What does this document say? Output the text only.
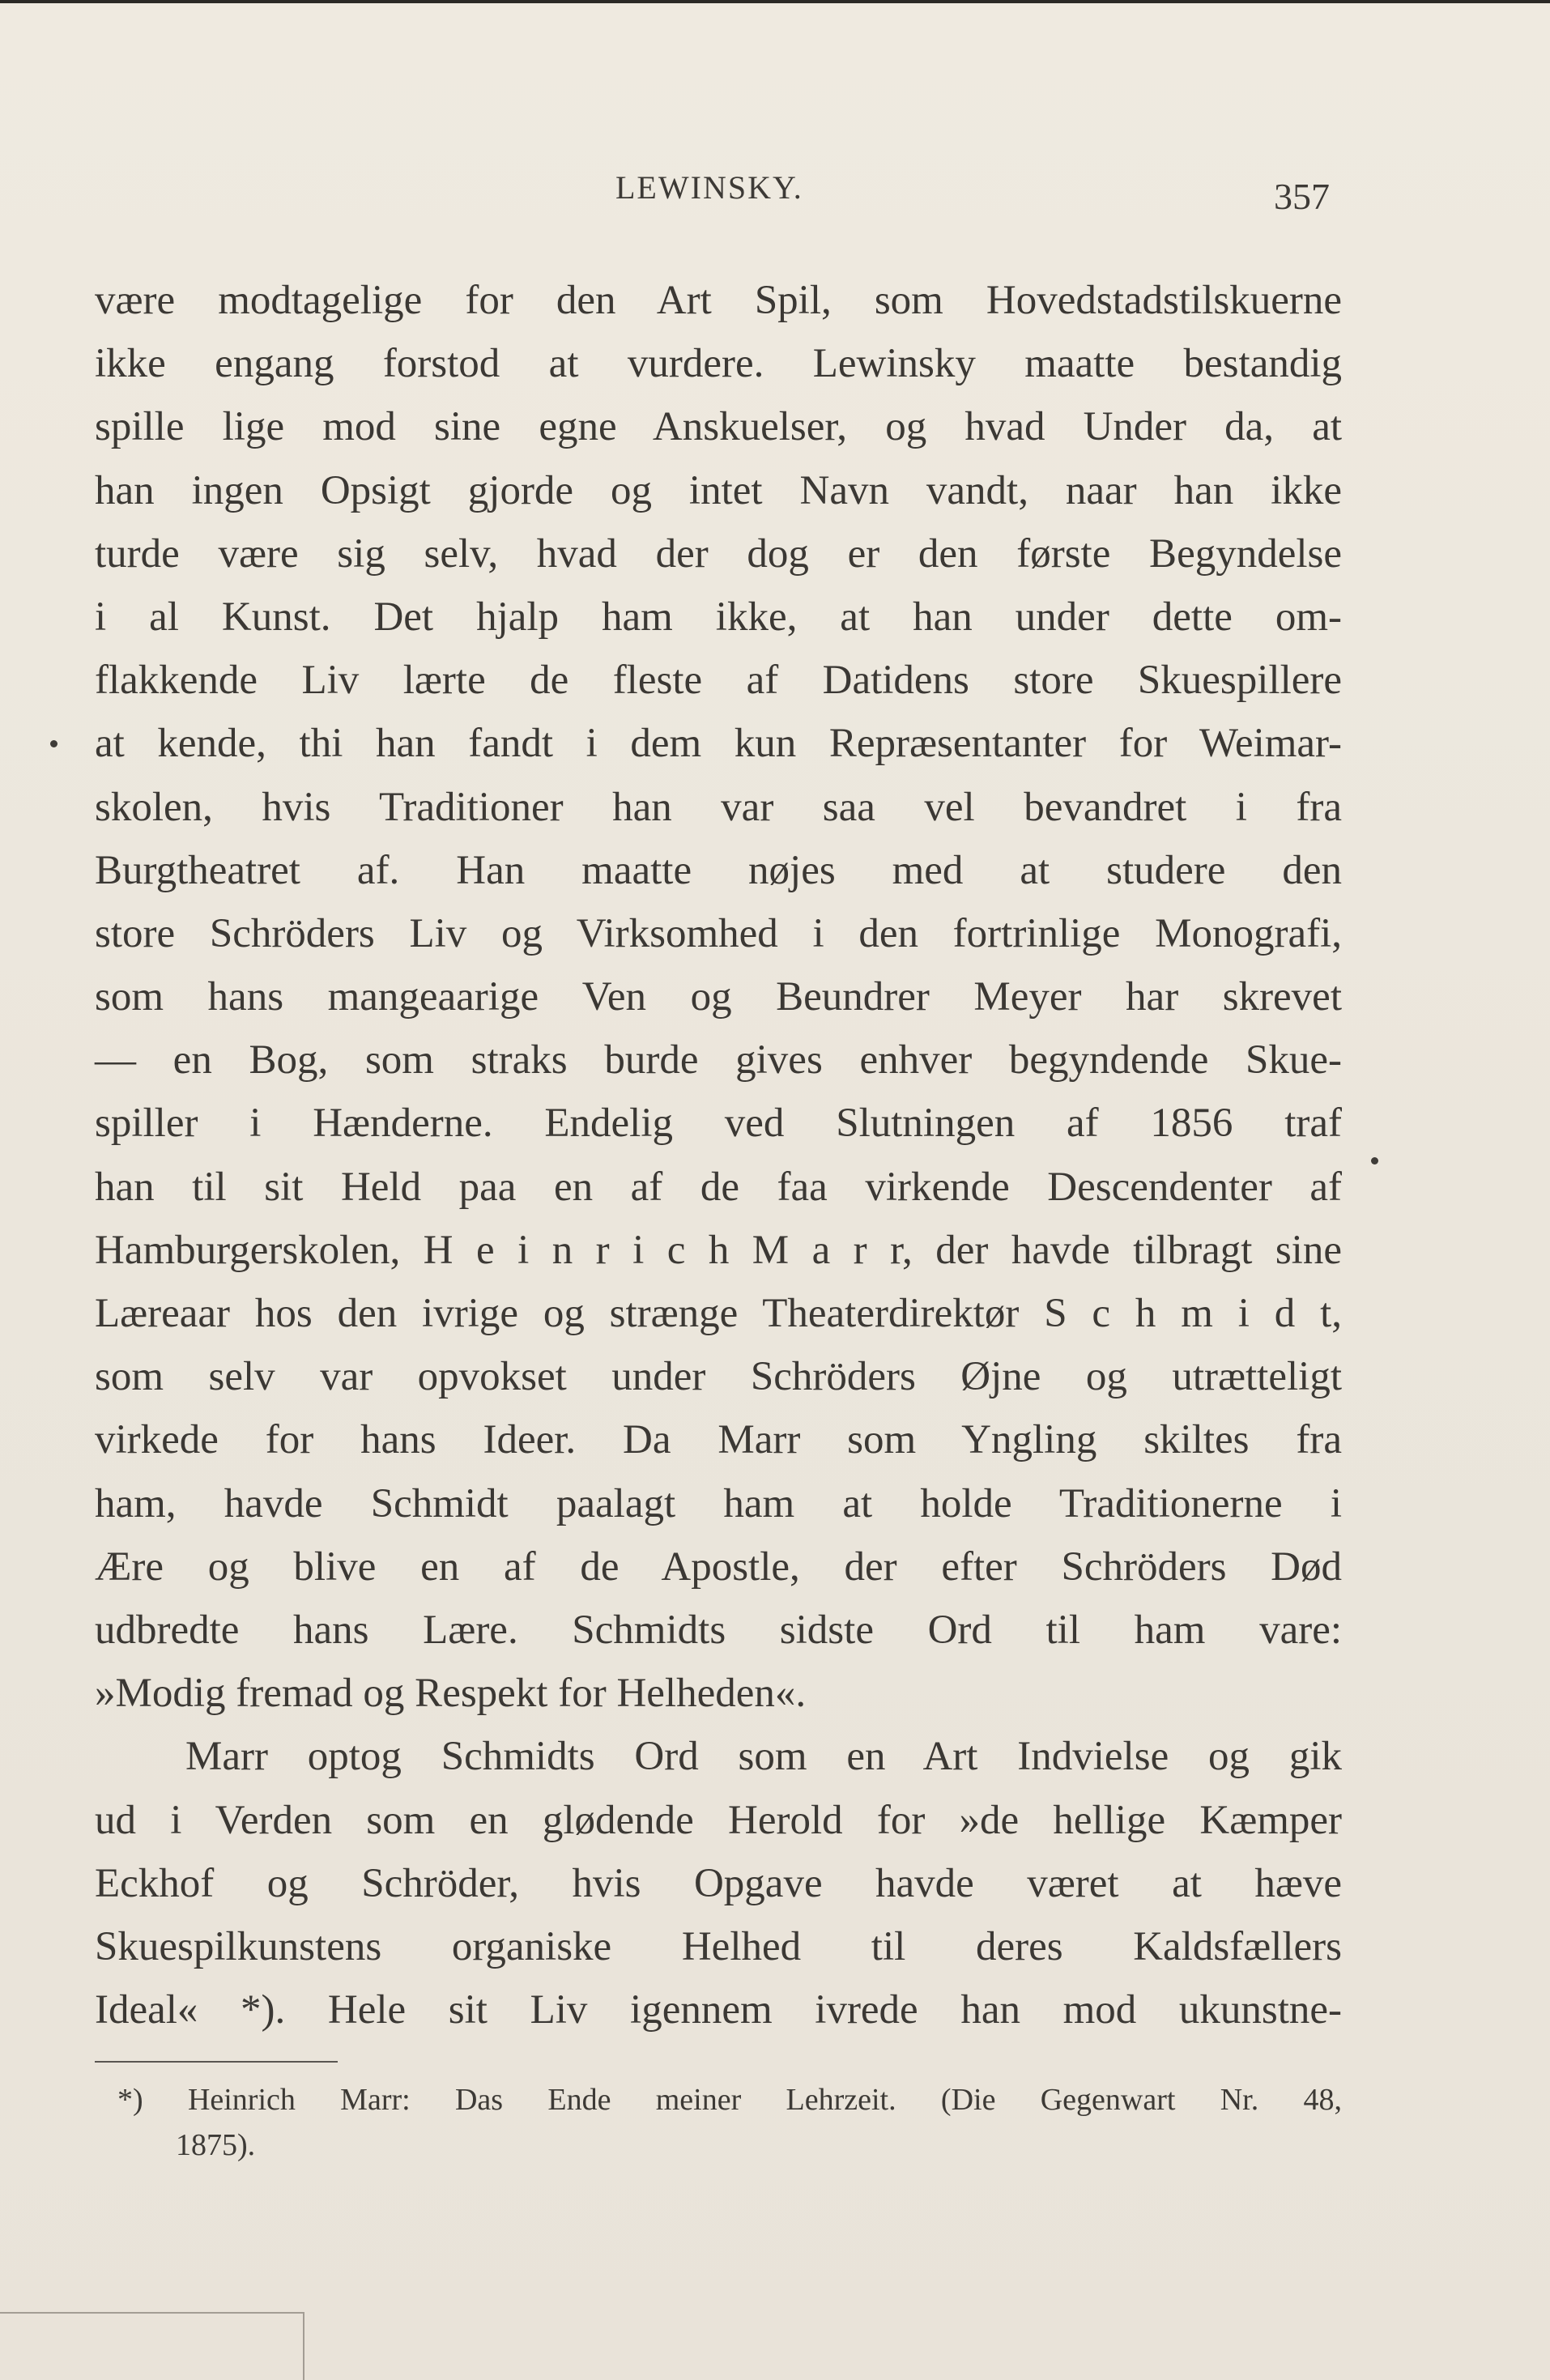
LEWINSKY.	357
være modtagelige for den Art Spil, som Hovedstadstilskuerne
ikke engang forstod at vurdere. Lewinsky maatte bestandig
spille lige mod sine egne Anskuelser, og hvad Under da, at
han ingen Opsigt gjorde og intet Navn vandt, naar han ikke
turde være sig selv, hvad der dog er den første Begyndelse
i al Kunst. Det hjalp ham ikke, at han under dette om-
flakkende Liv lærte de fleste af Datidens store Skuespillere
at kende, thi han fandt i dem kun Repræsentanter for Weimar-
skolen, hvis Traditioner han var saa vel bevandret i fra
Burgtheatret af. Han maatte nøjes med at studere den
store Schröders Liv og Virksomhed i den fortrinlige Monografi,
som hans mangeaarige Ven og Beundrer Meyer har skrevet
— en Bog, som straks burde gives enhver begyndende Skue-
spiller i Hænderne. Endelig ved Slutningen af 1856 traf
han til sit Held paa en af de faa virkende Descendenter af
Hamburgerskolen, H e i n r i c h M a r r, der havde tilbragt sine
Læreaar hos den ivrige og strænge Theaterdirektør S c h m i d t,
som selv var opvokset under Schröders Øjne og utrætteligt
virkede for hans Ideer. Da Marr som Yngling skiltes fra
ham, havde Schmidt paalagt ham at holde Traditionerne i
Ære og blive en af de Apostle, der efter Schröders Død
udbredte hans Lære. Schmidts sidste Ord til ham vare:
»Modig fremad og Respekt for Helheden«.
Marr optog Schmidts Ord som en Art Indvielse og gik
ud i Verden som en glødende Herold for »de hellige Kæmper
Eckhof og Schröder, hvis Opgave havde været at hæve
Skuespilkunstens organiske Helhed til deres Kaldsfællers
Ideal« *). Hele sit Liv igennem ivrede han mod ukunstne-
*) Heinrich Marr: Das Ende meiner Lehrzeit. (Die Gegenwart Nr. 48,
1875).
